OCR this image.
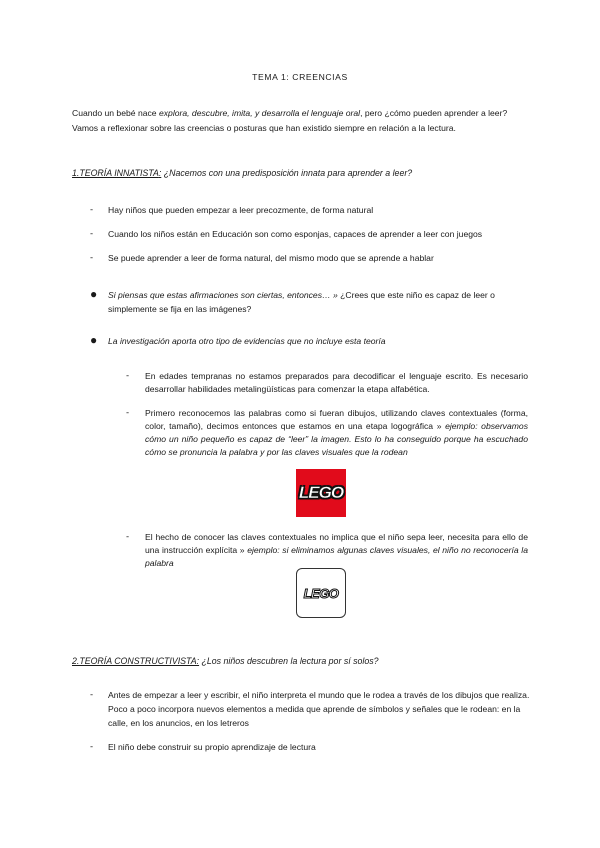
TEMA 1: CREENCIAS
Cuando un bebé nace explora, descubre, imita, y desarrolla el lenguaje oral, pero ¿cómo pueden aprender a leer? Vamos a reflexionar sobre las creencias o posturas que han existido siempre en relación a la lectura.
1.TEORÍA INNATISTA: ¿Nacemos con una predisposición innata para aprender a leer?
- Hay niños que pueden empezar a leer precozmente, de forma natural
- Cuando los niños están en Educación son como esponjas, capaces de aprender a leer con juegos
- Se puede aprender a leer de forma natural, del mismo modo que se aprende a hablar
● Si piensas que estas afirmaciones son ciertas, entonces… » ¿Crees que este niño es capaz de leer o simplemente se fija en las imágenes?
● La investigación aporta otro tipo de evidencias que no incluye esta teoría
- En edades tempranas no estamos preparados para decodificar el lenguaje escrito. Es necesario desarrollar habilidades metalingüísticas para comenzar la etapa alfabética.
- Primero reconocemos las palabras como si fueran dibujos, utilizando claves contextuales (forma, color, tamaño), decimos entonces que estamos en una etapa logográfica » ejemplo: observamos cómo un niño pequeño es capaz de “leer” la imagen. Esto lo ha conseguido porque ha escuchado cómo se pronuncia la palabra y por las claves visuales que la rodean
LEGO
- El hecho de conocer las claves contextuales no implica que el niño sepa leer, necesita para ello de una instrucción explícita » ejemplo: si eliminamos algunas claves visuales, el niño no reconocería la palabra
LEGO
2.TEORÍA CONSTRUCTIVISTA: ¿Los niños descubren la lectura por sí solos?
- Antes de empezar a leer y escribir, el niño interpreta el mundo que le rodea a través de los dibujos que realiza. Poco a poco incorpora nuevos elementos a medida que aprende de símbolos y señales que le rodean: en la calle, en los anuncios, en los letreros
- El niño debe construir su propio aprendizaje de lectura
